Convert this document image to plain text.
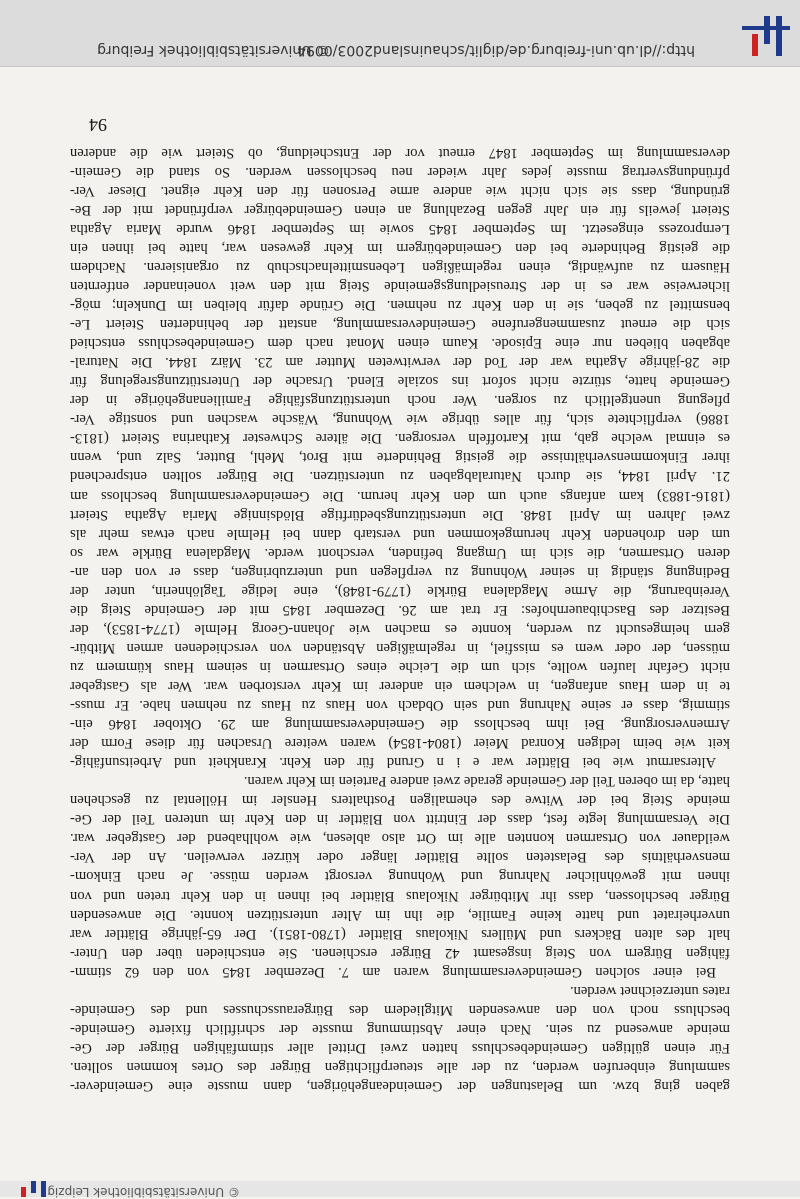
© Universitätsbibliothek Leipzig
gaben ging bzw. um Belastungen der Gemeindeangehörigen, dann musste eine Gemeindever-
sammlung einberufen werden, zu der alle steuerpflichtigen Bürger des Ortes kommen sollten.
Für einen gültigen Gemeindebeschluss hatten zwei Drittel aller stimmfähigen Bürger der Ge-
meinde anwesend zu sein. Nach einer Abstimmung musste der schriftlich fixierte Gemeinde-
beschluss noch von den anwesenden Mitgliedern des Bürgerausschusses und des Gemeinde-
rates unterzeichnet werden.
Bei einer solchen Gemeindeversammlung waren am 7. Dezember 1845 von den 62 stimm-
fähigen Bürgern von Steig insgesamt 42 Bürger erschienen. Sie entschieden über den Unter-
halt des alten Bäckers und Müllers Nikolaus Blättler (1780-1851). Der 65-jährige Blättler war
unverheiratet und hatte keine Familie, die ihn im Alter unterstützen konnte. Die anwesenden
Bürger beschlossen, dass ihr Mitbürger Nikolaus Blättler bei ihnen in den Kehr treten und von
ihnen mit gewöhnlicher Nahrung und Wohnung versorgt werden müsse. Je nach Einkom-
mensverhältnis des Belasteten sollte Blättler länger oder kürzer verweilen. An der Ver-
weildauer von Ortsarmen konnten alle im Ort also ablesen, wie wohlhabend der Gastgeber war.
Die Versammlung legte fest, dass der Eintritt von Blättler in den Kehr im unteren Teil der Ge-
meinde Steig bei der Witwe des ehemaligen Posthalters Hensler im Höllental zu geschehen
hatte, da im oberen Teil der Gemeinde gerade zwei andere Parteien im Kehr waren.
Altersarmut wie bei Blättler war e i n Grund für den Kehr. Krankheit und Arbeitsunfähig-
keit wie beim ledigen Konrad Meier (1804-1854) waren weitere Ursachen für diese Form der
Armenversorgung. Bei ihm beschloss die Gemeindeversammlung am 29. Oktober 1846 ein-
stimmig, dass er seine Nahrung und sein Obdach von Haus zu Haus zu nehmen habe. Er muss-
te in dem Haus anfangen, in welchem ein anderer im Kehr verstorben war. Wer als Gastgeber
nicht Gefahr laufen wollte, sich um die Leiche eines Ortsarmen in seinem Haus kümmern zu
müssen, der oder wem es missfiel, in regelmäßigen Abständen von verschiedenen armen Mitbür-
gern heimgesucht zu werden, konnte es machen wie Johann-Georg Helmle (1774-1853), der
Besitzer des Baschibauernhofes: Er trat am 26. Dezember 1845 mit der Gemeinde Steig die
Vereinbarung, die Arme Magdalena Bürkle (1779-1848), eine ledige Taglöhnerin, unter der
Bedingung ständig in seiner Wohnung zu verpflegen und unterzubringen, dass er von den an-
deren Ortsarmen, die sich im Umgang befinden, verschont werde. Magdalena Bürkle war so
um den drohenden Kehr herumgekommen und verstarb dann bei Helmle nach etwas mehr als
zwei Jahren im April 1848. Die unterstützungsbedürftige Blödsinnige Maria Agatha Steiert
(1816-1883) kam anfangs auch um den Kehr herum. Die Gemeindeversammlung beschloss am
21. April 1844, sie durch Naturalabgaben zu unterstützen. Die Bürger sollten entsprechend
ihrer Einkommensverhältnisse die geistig Behinderte mit Brot, Mehl, Butter, Salz und, wenn
es einmal welche gab, mit Kartoffeln versorgen. Die ältere Schwester Katharina Steiert (1813-
1886) verpflichtete sich, für alles übrige wie Wohnung, Wäsche waschen und sonstige Ver-
pflegung unentgeltlich zu sorgen. Wer noch unterstützungsfähige Familienangehörige in der
Gemeinde hatte, stürzte nicht sofort ins soziale Elend. Ursache der Unterstützungsregelung für
die 28-jährige Agatha war der Tod der verwitweten Mutter am 23. März 1844. Die Natural-
abgaben blieben nur eine Episode. Kaum einen Monat nach dem Gemeindebeschluss entschied
sich die erneut zusammengerufene Gemeindeversammlung, anstatt der behinderten Steiert Le-
bensmittel zu geben, sie in den Kehr zu nehmen. Die Gründe dafür bleiben im Dunkeln; mög-
licherweise war es in der Streusiedlungsgemeinde Steig mit den weit voneinander entfernten
Häusern zu aufwändig, einen regelmäßigen Lebensmittelnachschub zu organisieren. Nachdem
die geistig Behinderte bei den Gemeindebürgern im Kehr gewesen war, hatte bei ihnen ein
Lernprozess eingesetzt. Im September 1845 sowie im September 1846 wurde Maria Agatha
Steiert jeweils für ein Jahr gegen Bezahlung an einen Gemeindebürger verpfründet mit der Be-
gründung, dass sie sich nicht wie andere arme Personen für den Kehr eignet. Dieser Ver-
pfründungsvertrag musste jedes Jahr wieder neu beschlossen werden. So stand die Gemein-
deversammlung im September 1847 erneut vor der Entscheidung, ob Steiert wie die anderen
94
© Universitätsbibliothek Freiburg
http://dl.ub.uni-freiburg.de/diglit/schauinsland2003/0094
